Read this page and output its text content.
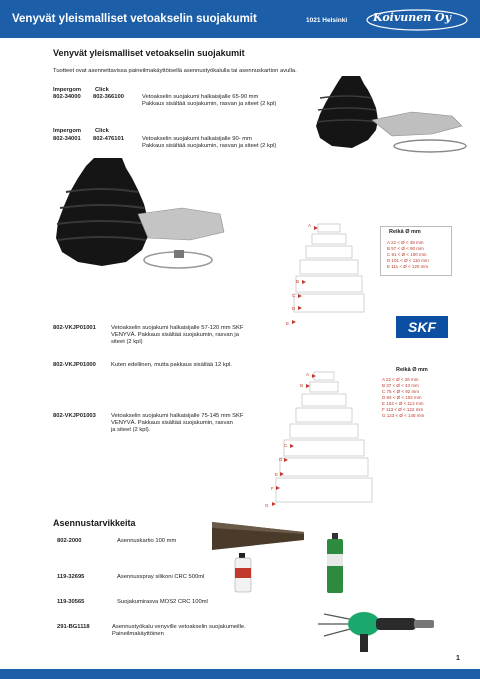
Venyvät yleismalliset vetoakselin suojakumit	1021 Helsinki Koivunen Oy
Venyvät yleismalliset vetoakselin suojakumit
Tuotteet ovat asennettavissa paineilmakäyttöisellä asennustyökalulla tai asennuskartion avulla.
Impergom Click
802-34000 802-366100	Vetoakselin suojakumi halkaisijalle 65-90 mm
Pakkaus sisältää suojakumin, rasvan ja siteet (2 kpl)
Impergom Click
802-34001 802-476101	Vetoakselin suojakumi halkaisijalle 90- mm
Pakkaus sisältää suojakumin, rasvan ja siteet (2 kpl)
A
B
C
D
E
Reikä Ø mm
A 22 < Ø < 39 mm
B 57 < Ø < 90 mm
C 91 < Ø < 100 mm
D 101 < Ø < 110 mm
E 111 < Ø < 120 mm
SKF
802-VKJP01001	Vetoakselin suojakumi halkaisijalle 57-120 mm SKF
VENYVÄ. Pakkaus sisältää suojakumin, rasvan ja
siteet (2 kpl)
802-VKJP01000	Kuten edellinen, mutta pakkaus sisältää 12 kpl.
802-VKJP01003	Vetoakselin suojakumi halkaisijalle 75-145 mm SKF
VENYVÄ. Pakkaus sisältää suojakumin, rasvan
ja siteet (2 kpl).
A
B
C
D
E
F
G
Reikä Ø mm
A 22 < Ø < 26 mm
B 37 < Ø < 43 mm
C 75 < Ø < 92 mm
D 93 < Ø < 102 mm
E 103 < Ø < 112 mm
F 113 < Ø < 122 mm
G 123 < Ø < 145 mm
Asennustarvikkeita
802-2000	Asennuskartio 100 mm
119-32695	Asennusspray silikoni CRC 500ml
119-30565	Suojakumirasva MOS2 CRC 100ml
291-BG1118	Asennustyökalu venyville vetoakselin suojakumeille.
Paineilmakäyttöinen
1
